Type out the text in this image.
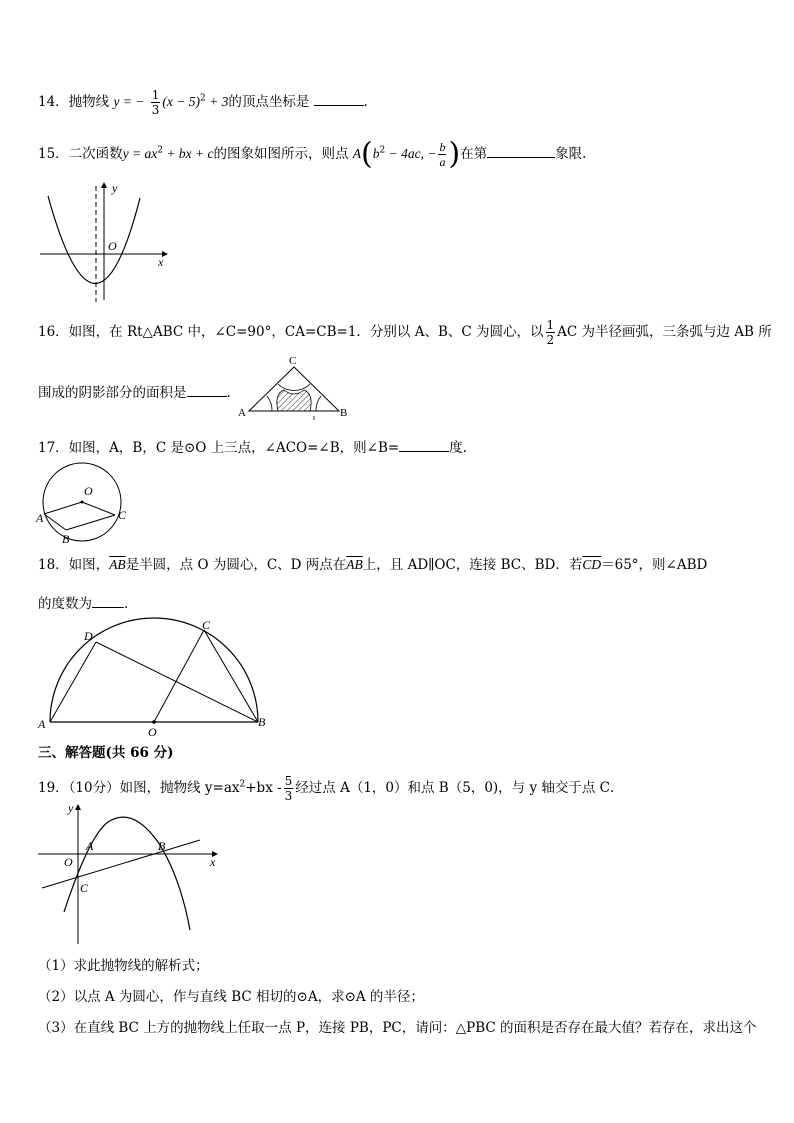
14．抛物线 y = − $\frac{1}{3} (x - 5)^2 + 3$的顶点坐标是	.
15．二次函数$y = ax^2$ + bx + c的图象如图所示，则点 $A(b^2 - 4ac$, − $\frac{b}{a}$ )在第	象限.
y
x
O
16．如图，在 Rt△ABC 中，∠C=90°，CA=CB=1．分别以 A、B、C 为圆心，以 $\frac{1}{2}$ AC 为半径画弧，三条弧与边 AB 所
围成的阴影部分的面积是	.
A	B
C
17．如图，A，B，C 是⊙O 上三点，∠ACO=∠B，则∠B=	度.
O
A
B
C
18．如图，$\overline{AB}$是半圆，点 O 为圆心，C、D 两点在$\overline{AB}$上，且 AD∥OC，连接 BC、BD．若$\overline{CD}=65^\circ$，则∠ABD
的度数为 .
A	B
C
D
O
三、解答题(共 66 分)
19．（10分）如图，抛物线 $y=ax^2+bx - \frac{5}{3}$ 经过点 A（1，0）和点 B（5，0)，与 y 轴交于点 C．
y
x
O
A	B
C
（1）求此抛物线的解析式；
（2）以点 A 为圆心，作与直线 BC 相切的⊙A，求⊙A 的半径；
（3）在直线 BC 上方的抛物线上任取一点 P，连接 PB，PC，请问：△PBC 的面积是否存在最大值？若存在，求出这个
